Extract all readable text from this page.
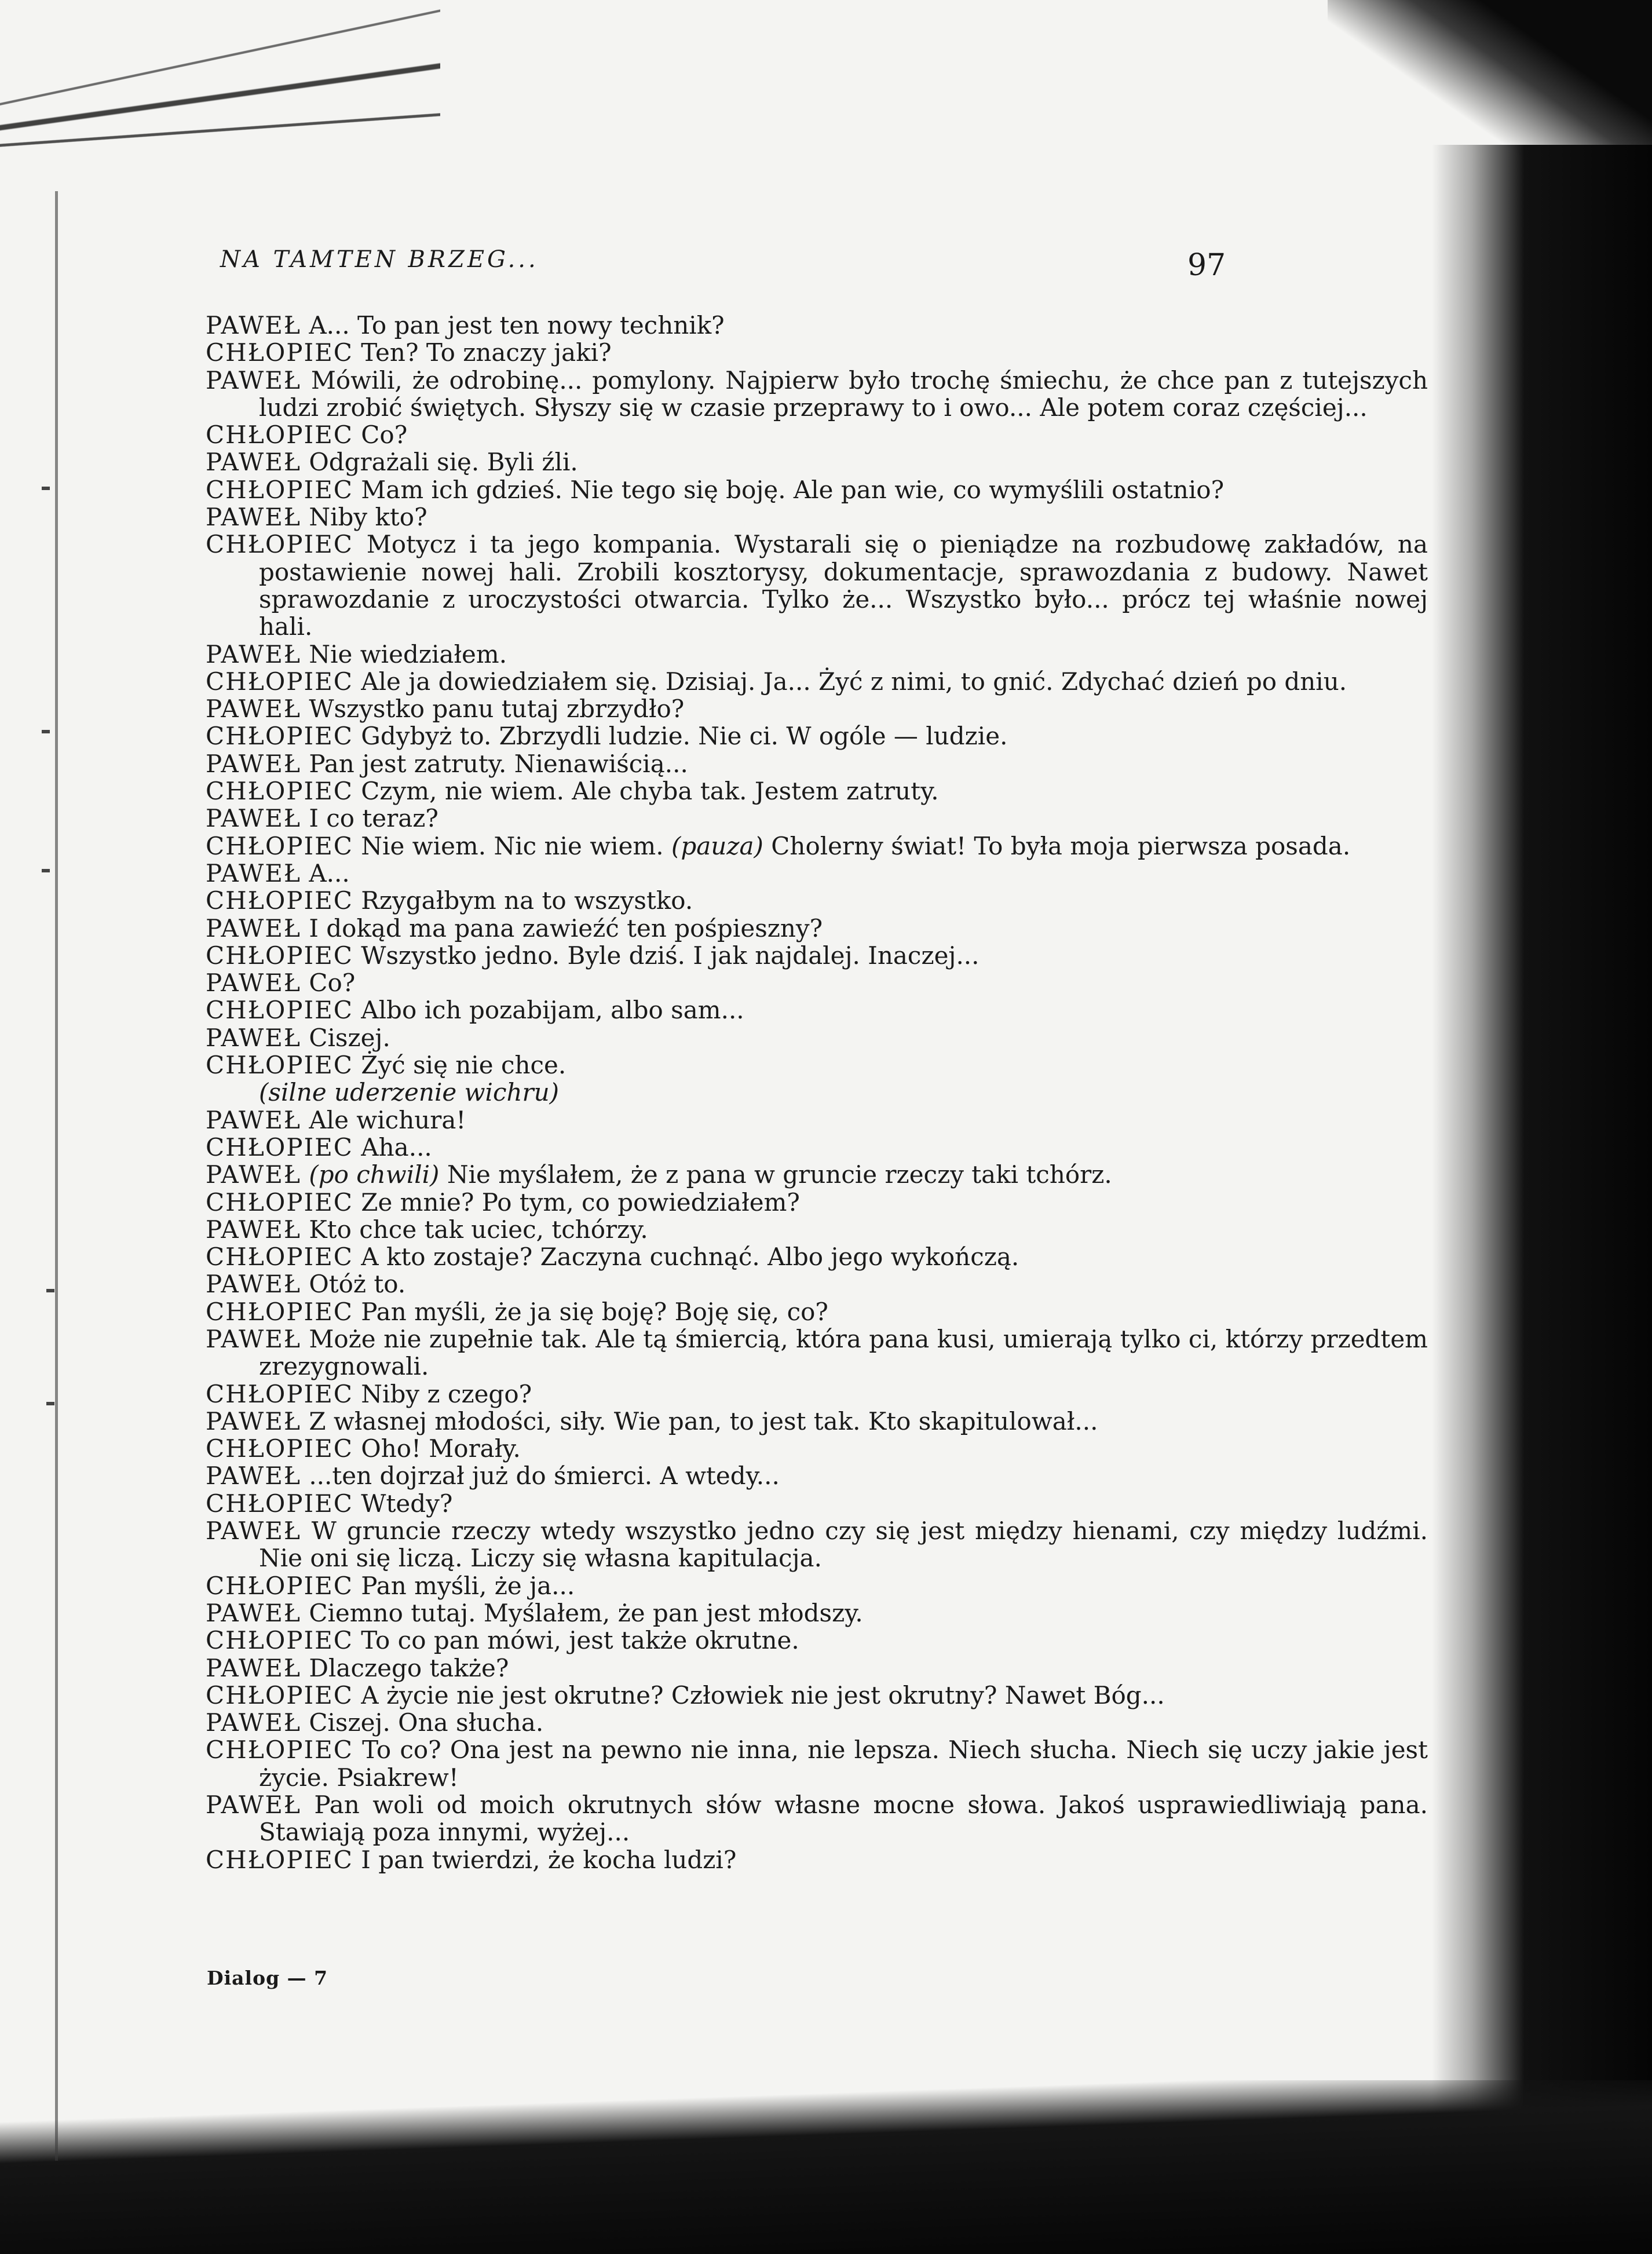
NA TAMTEN BRZEG...	97
PAWEŁ A... To pan jest ten nowy technik?
CHŁOPIEC Ten? To znaczy jaki?
PAWEŁ Mówili, że odrobinę... pomylony. Najpierw było trochę śmiechu, że chce pan z tutejszych ludzi zrobić świętych. Słyszy się w czasie przeprawy to i owo... Ale potem coraz częściej...
CHŁOPIEC Co?
PAWEŁ Odgrażali się. Byli źli.
CHŁOPIEC Mam ich gdzieś. Nie tego się boję. Ale pan wie, co wymyślili ostatnio?
PAWEŁ Niby kto?
CHŁOPIEC Motycz i ta jego kompania. Wystarali się o pieniądze na rozbudowę zakładów, na postawienie nowej hali. Zrobili kosztorysy, dokumentacje, sprawozdania z budowy. Nawet sprawozdanie z uroczystości otwarcia. Tylko że... Wszystko było... prócz tej właśnie nowej hali.
PAWEŁ Nie wiedziałem.
CHŁOPIEC Ale ja dowiedziałem się. Dzisiaj. Ja... Żyć z nimi, to gnić. Zdychać dzień po dniu.
PAWEŁ Wszystko panu tutaj zbrzydło?
CHŁOPIEC Gdybyż to. Zbrzydli ludzie. Nie ci. W ogóle — ludzie.
PAWEŁ Pan jest zatruty. Nienawiścią...
CHŁOPIEC Czym, nie wiem. Ale chyba tak. Jestem zatruty.
PAWEŁ I co teraz?
CHŁOPIEC Nie wiem. Nic nie wiem. (pauza) Cholerny świat! To była moja pierwsza posada.
PAWEŁ A...
CHŁOPIEC Rzygałbym na to wszystko.
PAWEŁ I dokąd ma pana zawieźć ten pośpieszny?
CHŁOPIEC Wszystko jedno. Byle dziś. I jak najdalej. Inaczej...
PAWEŁ Co?
CHŁOPIEC Albo ich pozabijam, albo sam...
PAWEŁ Ciszej.
CHŁOPIEC Żyć się nie chce.
(silne uderzenie wichru)
PAWEŁ Ale wichura!
CHŁOPIEC Aha...
PAWEŁ (po chwili) Nie myślałem, że z pana w gruncie rzeczy taki tchórz.
CHŁOPIEC Ze mnie? Po tym, co powiedziałem?
PAWEŁ Kto chce tak uciec, tchórzy.
CHŁOPIEC A kto zostaje? Zaczyna cuchnąć. Albo jego wykończą.
PAWEŁ Otóż to.
CHŁOPIEC Pan myśli, że ja się boję? Boję się, co?
PAWEŁ Może nie zupełnie tak. Ale tą śmiercią, która pana kusi, umierają tylko ci, którzy przedtem zrezygnowali.
CHŁOPIEC Niby z czego?
PAWEŁ Z własnej młodości, siły. Wie pan, to jest tak. Kto skapitulował...
CHŁOPIEC Oho! Morały.
PAWEŁ ...ten dojrzał już do śmierci. A wtedy...
CHŁOPIEC Wtedy?
PAWEŁ W gruncie rzeczy wtedy wszystko jedno czy się jest między hienami, czy między ludźmi. Nie oni się liczą. Liczy się własna kapitulacja.
CHŁOPIEC Pan myśli, że ja...
PAWEŁ Ciemno tutaj. Myślałem, że pan jest młodszy.
CHŁOPIEC To co pan mówi, jest także okrutne.
PAWEŁ Dlaczego także?
CHŁOPIEC A życie nie jest okrutne? Człowiek nie jest okrutny? Nawet Bóg...
PAWEŁ Ciszej. Ona słucha.
CHŁOPIEC To co? Ona jest na pewno nie inna, nie lepsza. Niech słucha. Niech się uczy jakie jest życie. Psiakrew!
PAWEŁ Pan woli od moich okrutnych słów własne mocne słowa. Jakoś usprawiedliwiają pana. Stawiają poza innymi, wyżej...
CHŁOPIEC I pan twierdzi, że kocha ludzi?
Dialog — 7
